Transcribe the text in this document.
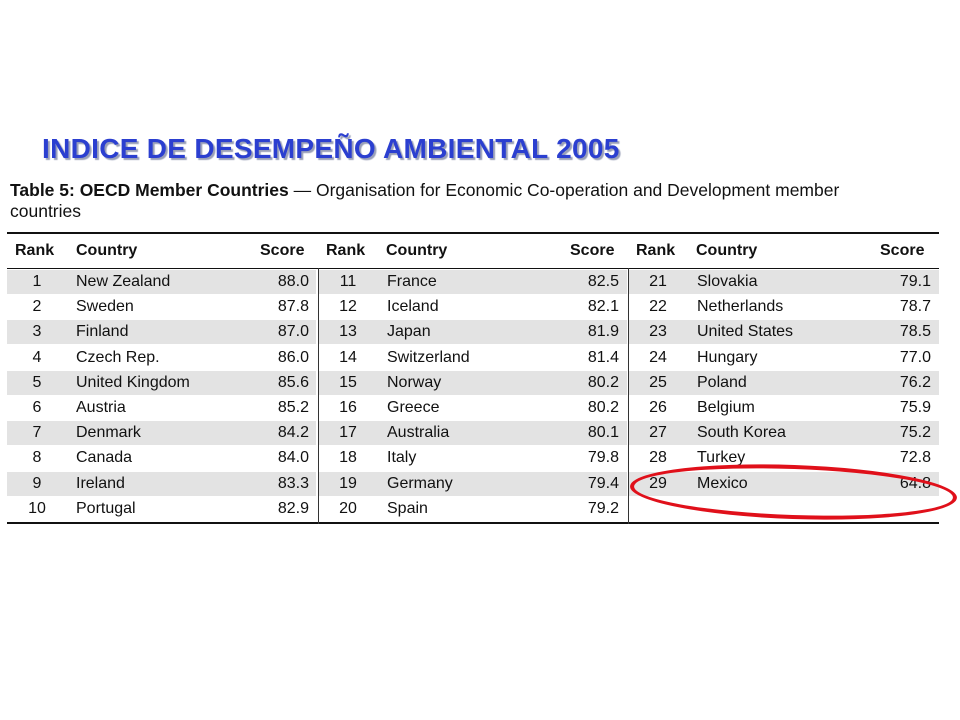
INDICE DE DESEMPEÑO AMBIENTAL 2005
Table 5: OECD Member Countries — Organisation for Economic Co-operation and Development member countries
Rank Country	Score Rank Country	Score Rank Country	Score
1	New Zealand	88.0	11	France	82.5	21	Slovakia	79.1
2	Sweden	87.8	12	Iceland	82.1	22	Netherlands	78.7
3	Finland	87.0	13	Japan	81.9	23	United States	78.5
4	Czech Rep.	86.0	14	Switzerland	81.4	24	Hungary	77.0
5	United Kingdom	85.6	15	Norway	80.2	25	Poland	76.2
6	Austria	85.2	16	Greece	80.2	26	Belgium	75.9
7	Denmark	84.2	17	Australia	80.1	27	South Korea	75.2
8	Canada	84.0	18	Italy	79.8	28	Turkey	72.8
9	Ireland	83.3	19	Germany	79.4	29	Mexico	64.8
10	Portugal	82.9	20	Spain	79.2
